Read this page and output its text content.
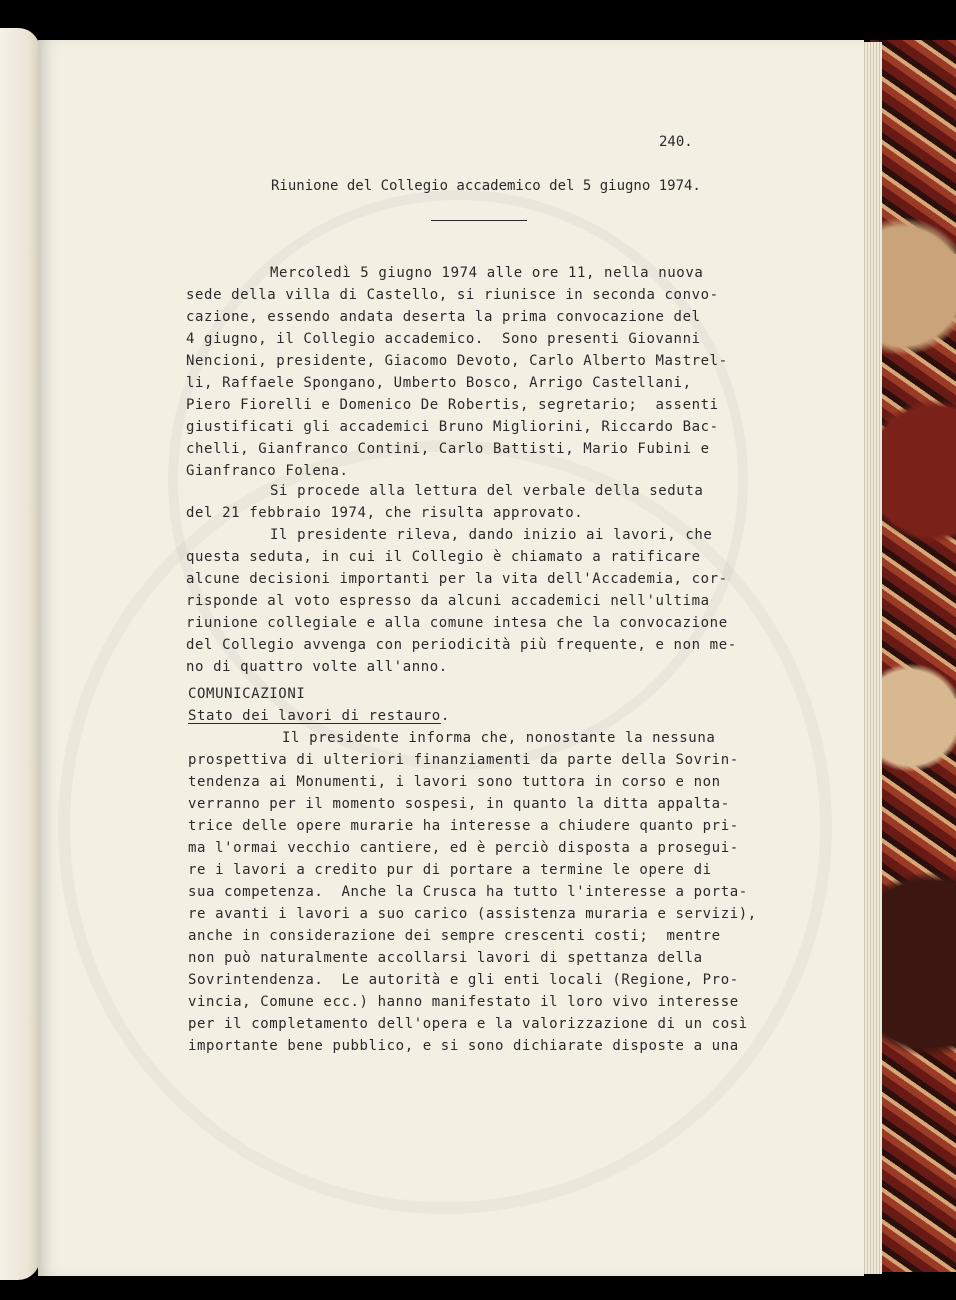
240.
Riunione del Collegio accademico del 5 giugno 1974.
Mercoledì 5 giugno 1974 alle ore 11, nella nuova
sede della villa di Castello, si riunisce in seconda convo-
cazione, essendo andata deserta la prima convocazione del
4 giugno, il Collegio accademico.  Sono presenti Giovanni
Nencioni, presidente, Giacomo Devoto, Carlo Alberto Mastrel-
li, Raffaele Spongano, Umberto Bosco, Arrigo Castellani,
Piero Fiorelli e Domenico De Robertis, segretario;  assenti
giustificati gli accademici Bruno Migliorini, Riccardo Bac-
chelli, Gianfranco Contini, Carlo Battisti, Mario Fubini e
Gianfranco Folena.
Si procede alla lettura del verbale della seduta
del 21 febbraio 1974, che risulta approvato.
Il presidente rileva, dando inizio ai lavori, che
questa seduta, in cui il Collegio è chiamato a ratificare
alcune decisioni importanti per la vita dell'Accademia, cor-
risponde al voto espresso da alcuni accademici nell'ultima
riunione collegiale e alla comune intesa che la convocazione
del Collegio avvenga con periodicità più frequente, e non me-
no di quattro volte all'anno.
COMUNICAZIONI
Stato dei lavori di restauro.
Il presidente informa che, nonostante la nessuna
prospettiva di ulteriori finanziamenti da parte della Sovrin-
tendenza ai Monumenti, i lavori sono tuttora in corso e non
verranno per il momento sospesi, in quanto la ditta appalta-
trice delle opere murarie ha interesse a chiudere quanto pri-
ma l'ormai vecchio cantiere, ed è perciò disposta a prosegui-
re i lavori a credito pur di portare a termine le opere di
sua competenza.  Anche la Crusca ha tutto l'interesse a porta-
re avanti i lavori a suo carico (assistenza muraria e servizi),
anche in considerazione dei sempre crescenti costi;  mentre
non può naturalmente accollarsi lavori di spettanza della
Sovrintendenza.  Le autorità e gli enti locali (Regione, Pro-
vincia, Comune ecc.) hanno manifestato il loro vivo interesse
per il completamento dell'opera e la valorizzazione di un così
importante bene pubblico, e si sono dichiarate disposte a una
